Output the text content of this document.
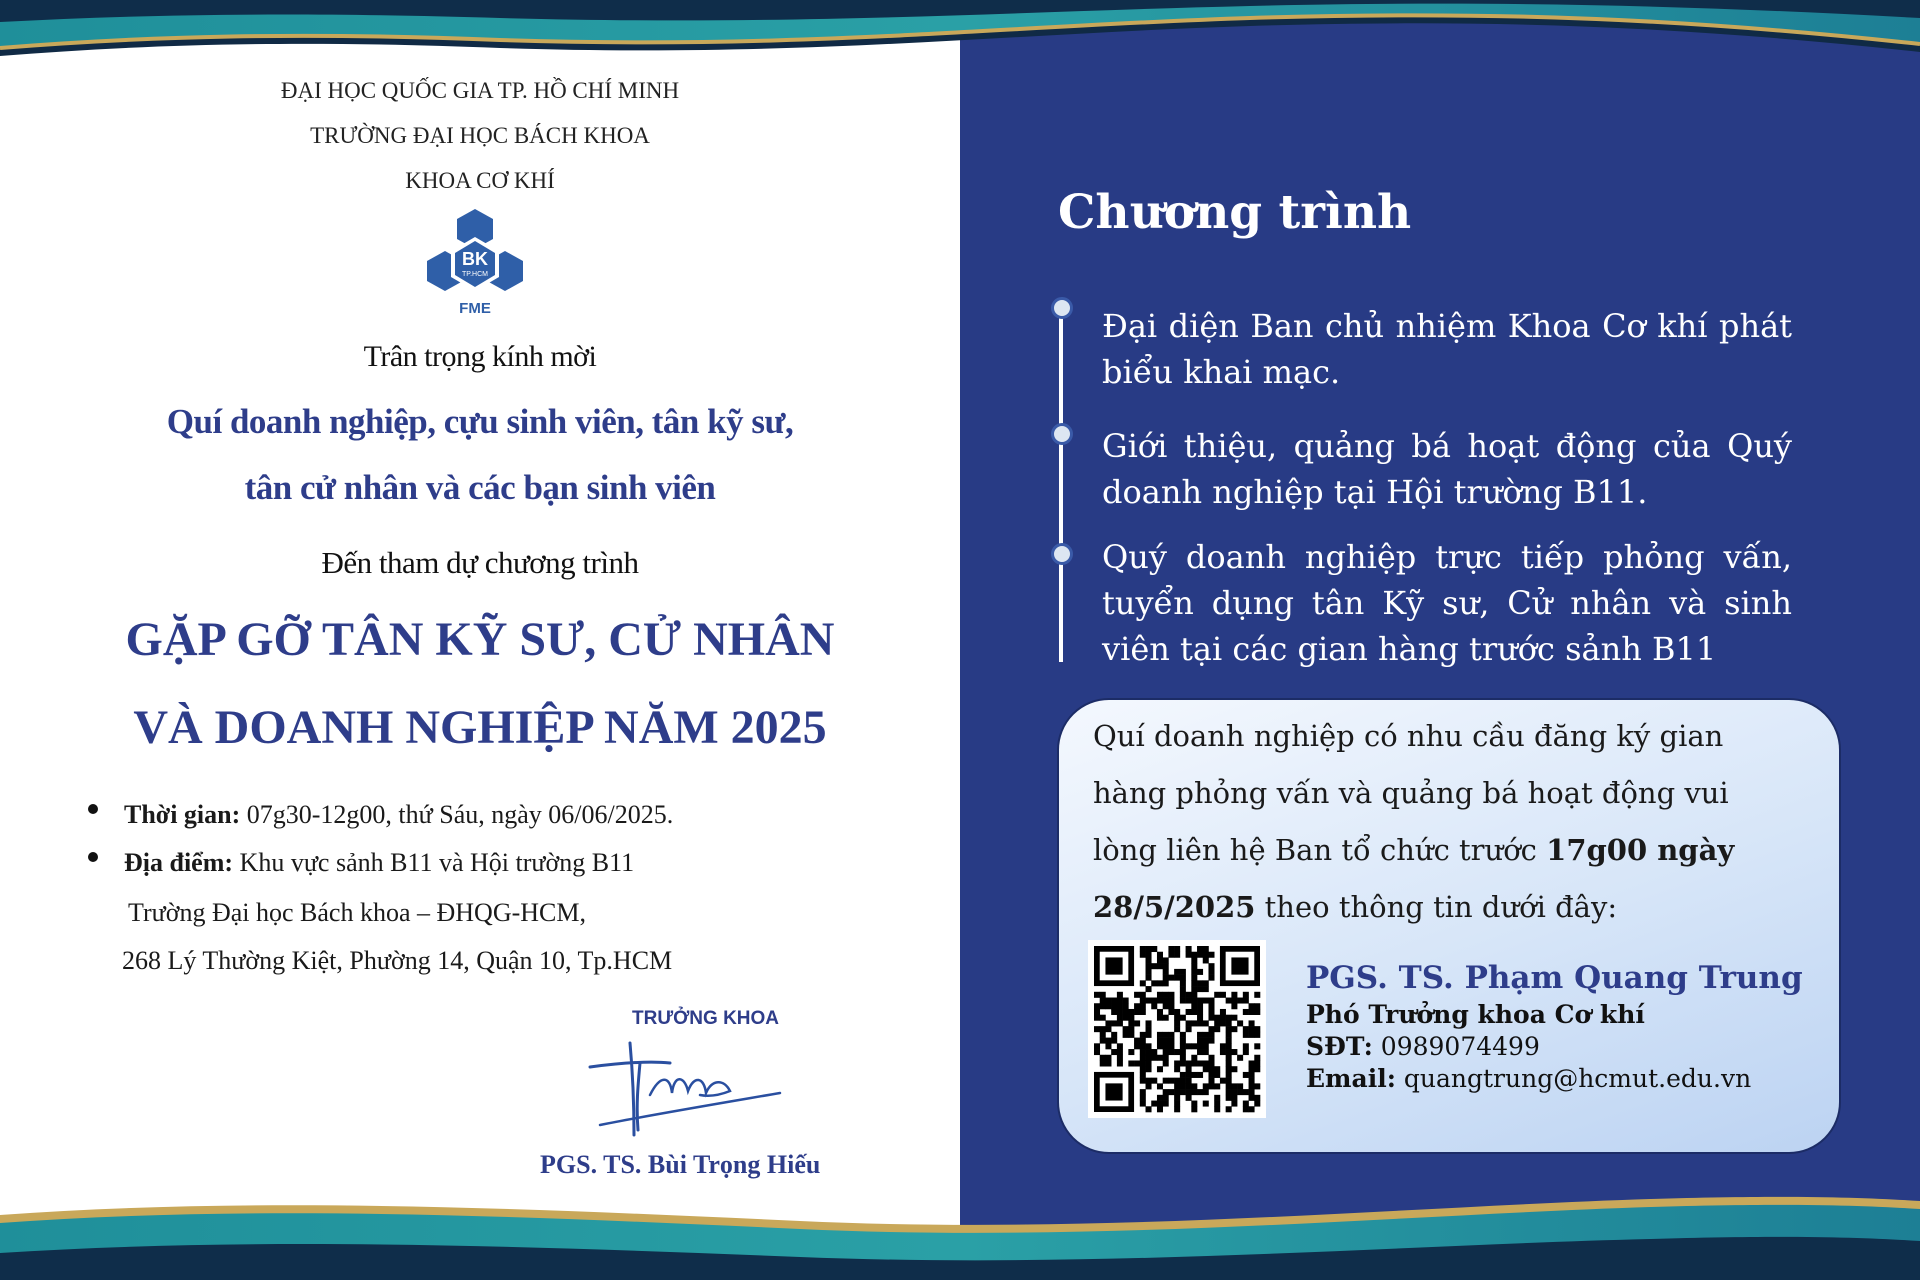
ĐẠI HỌC QUỐC GIA TP. HỒ CHÍ MINH
TRƯỜNG ĐẠI HỌC BÁCH KHOA
KHOA CƠ KHÍ
BK
TP.HCM
FME
Trân trọng kính mời
Quí doanh nghiệp, cựu sinh viên, tân kỹ sư,
tân cử nhân và các bạn sinh viên
Đến tham dự chương trình
GẶP GỠ TÂN KỸ SƯ, CỬ NHÂN
VÀ DOANH NGHIỆP NĂM 2025
Thời gian: 07g30-12g00, thứ Sáu, ngày 06/06/2025.
Địa điểm: Khu vực sảnh B11 và Hội trường B11
Trường Đại học Bách khoa – ĐHQG-HCM,
268 Lý Thường Kiệt, Phường 14, Quận 10, Tp.HCM
TRƯỞNG KHOA
PGS. TS. Bùi Trọng Hiếu
Chương trình
Đại diện Ban chủ nhiệm Khoa Cơ khí phát biểu khai mạc.
Giới thiệu, quảng bá hoạt động của Quý doanh nghiệp tại Hội trường B11.
Quý doanh nghiệp trực tiếp phỏng vấn, tuyển dụng tân Kỹ sư, Cử nhân và sinh viên tại các gian hàng trước sảnh B11
Quí doanh nghiệp có nhu cầu đăng ký gian hàng phỏng vấn và quảng bá hoạt động vui lòng liên hệ Ban tổ chức trước 17g00 ngày 28/5/2025 theo thông tin dưới đây:
PGS. TS. Phạm Quang Trung
Phó Trưởng khoa Cơ khí
SĐT: 0989074499
Email: quangtrung@hcmut.edu.vn
